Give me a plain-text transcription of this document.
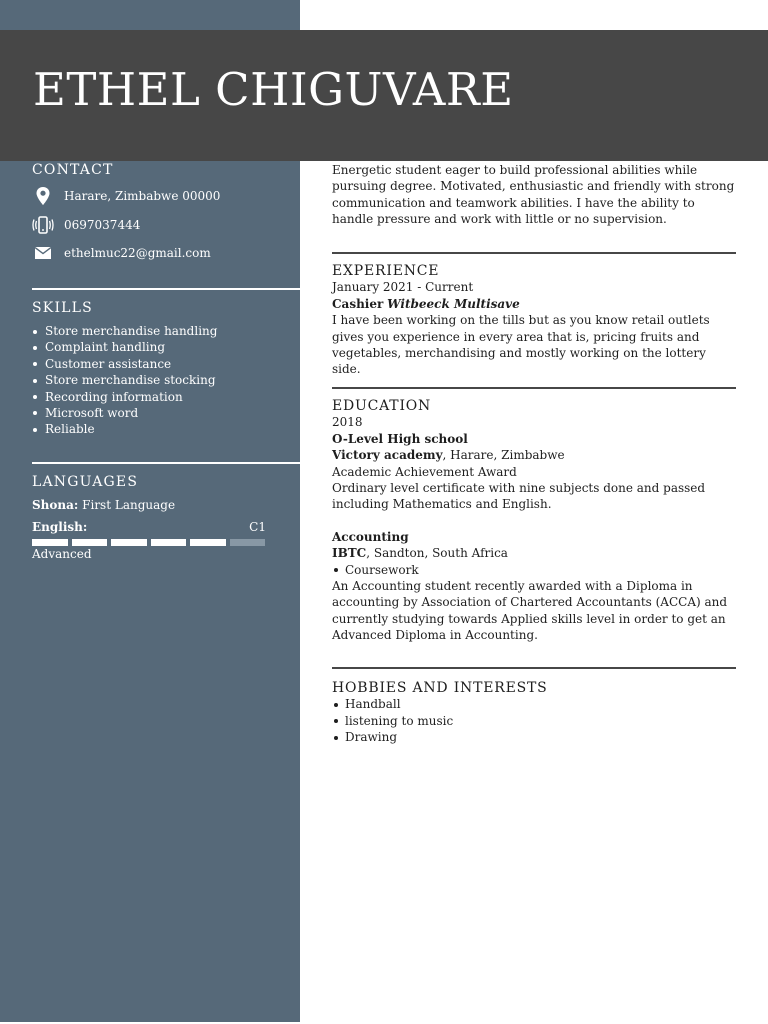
CONTACT
Harare, Zimbabwe 00000
0697037444
ethelmuc22@gmail.com
SKILLS
Store merchandise handling
Complaint handling
Customer assistance
Store merchandise stocking
Recording information
Microsoft word
Reliable
LANGUAGES
Shona: First Language
English:	C1
Advanced
ETHEL CHIGUVARE

Energetic student eager to build professional abilities while pursuing degree. Motivated, enthusiastic and friendly with strong communication and teamwork abilities. I have the ability to handle pressure and work with little or no supervision.

EXPERIENCE

January 2021 - Current

Cashier Witbeeck Multisave

I have been working on the tills but as you know retail outlets gives you experience in every area that is, pricing fruits and vegetables, merchandising and mostly working on the lottery side.

EDUCATION

2018

O-Level High school

Victory academy, Harare, Zimbabwe

Academic Achievement Award

Ordinary level certificate with nine subjects done and passed including Mathematics and English.

Accounting

IBTC, Sandton, South Africa

Coursework

An Accounting student recently awarded with a Diploma in accounting by Association of Chartered Accountants (ACCA) and currently studying towards Applied skills level in order to get an Advanced Diploma in Accounting.

HOBBIES AND INTERESTS

Handball

listening to music

Drawing
